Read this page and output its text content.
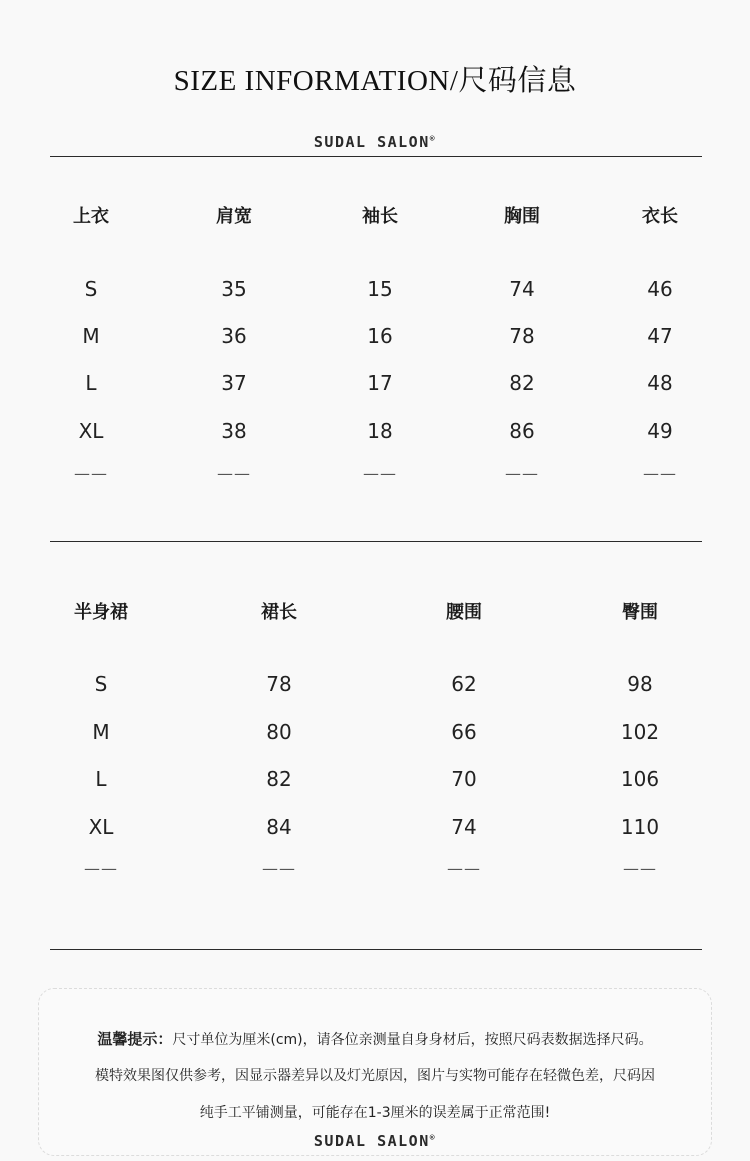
SIZE INFORMATION/尺码信息
SUDAL SALON®
上衣	肩宽	袖长	胸围	衣长
S	35	15	74	46
M	36	16	78	47
L	37	17	82	48
XL	38	18	86	49
——	——	——	——	——
半身裙	裙长	腰围	臀围
S	78	62	98
M	80	66	102
L	82	70	106
XL	84	74	110
——	——	——	——
温馨提示：尺寸单位为厘米(cm)，请各位亲测量自身身材后，按照尺码表数据选择尺码。
模特效果图仅供参考，因显示器差异以及灯光原因，图片与实物可能存在轻微色差，尺码因
纯手工平铺测量，可能存在1-3厘米的误差属于正常范围!
SUDAL SALON®
